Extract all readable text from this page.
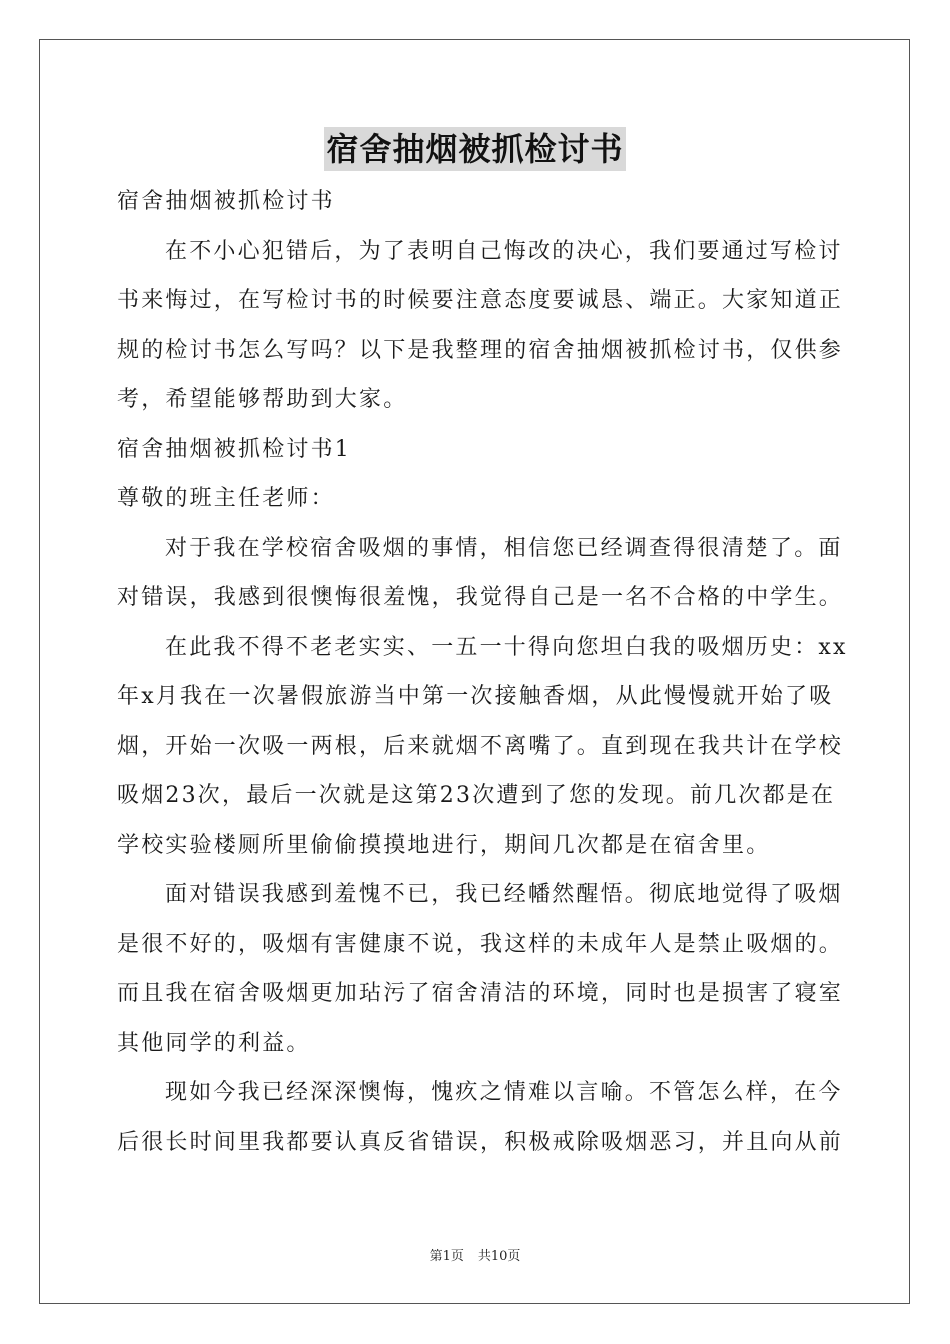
宿舍抽烟被抓检讨书
宿舍抽烟被抓检讨书
在不小心犯错后，为了表明自己悔改的决心，我们要通过写检讨
书来悔过，在写检讨书的时候要注意态度要诚恳、端正。大家知道正
规的检讨书怎么写吗？以下是我整理的宿舍抽烟被抓检讨书，仅供参
考，希望能够帮助到大家。
宿舍抽烟被抓检讨书1
尊敬的班主任老师：
对于我在学校宿舍吸烟的事情，相信您已经调查得很清楚了。面
对错误，我感到很懊悔很羞愧，我觉得自己是一名不合格的中学生。
在此我不得不老老实实、一五一十得向您坦白我的吸烟历史：xx
年x月我在一次暑假旅游当中第一次接触香烟，从此慢慢就开始了吸
烟，开始一次吸一两根，后来就烟不离嘴了。直到现在我共计在学校
吸烟23次，最后一次就是这第23次遭到了您的发现。前几次都是在
学校实验楼厕所里偷偷摸摸地进行，期间几次都是在宿舍里。
面对错误我感到羞愧不已，我已经幡然醒悟。彻底地觉得了吸烟
是很不好的，吸烟有害健康不说，我这样的未成年人是禁止吸烟的。
而且我在宿舍吸烟更加玷污了宿舍清洁的环境，同时也是损害了寝室
其他同学的利益。
现如今我已经深深懊悔，愧疚之情难以言喻。不管怎么样，在今
后很长时间里我都要认真反省错误，积极戒除吸烟恶习，并且向从前
第1页 共10页
